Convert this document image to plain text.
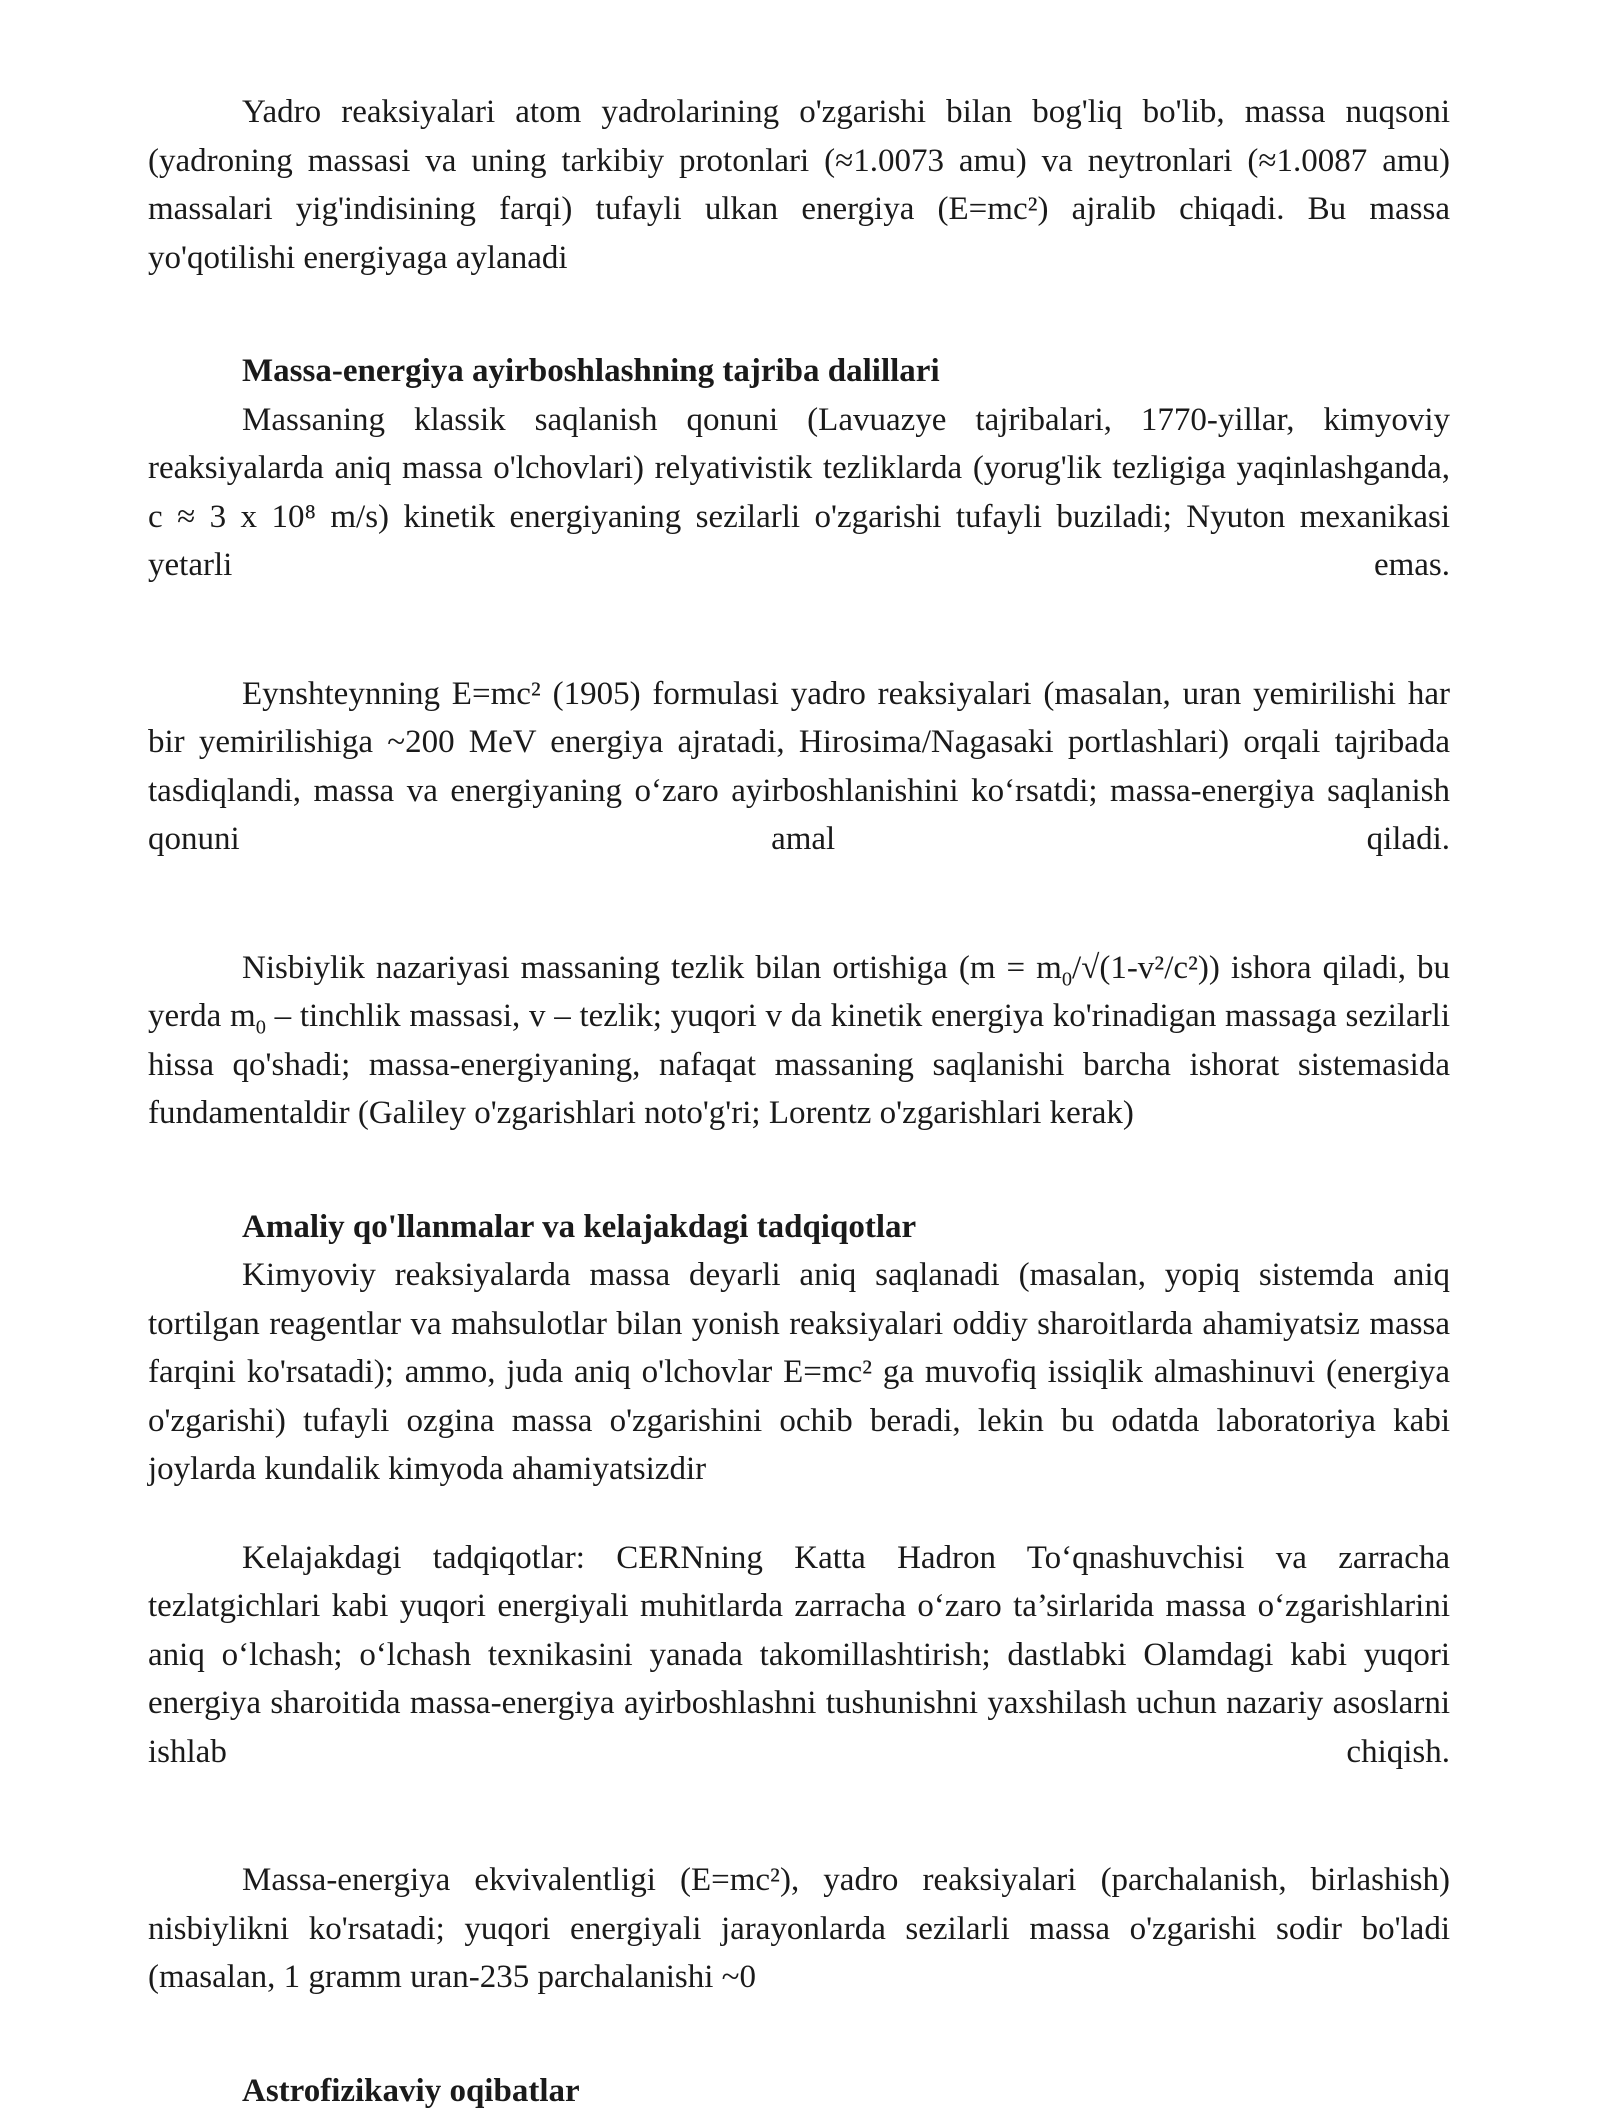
Yadro reaksiyalari atom yadrolarining o'zgarishi bilan bog'liq bo'lib, massa nuqsoni (yadroning massasi va uning tarkibiy protonlari (≈1.0073 amu) va neytronlari (≈1.0087 amu) massalari yig'indisining farqi) tufayli ulkan energiya (E=mc²) ajralib chiqadi. Bu massa yo'qotilishi energiyaga aylanadi

Massa-energiya ayirboshlashning tajriba dalillari

Massaning klassik saqlanish qonuni (Lavuazye tajribalari, 1770-yillar, kimyoviy reaksiyalarda aniq massa o'lchovlari) relyativistik tezliklarda (yorug'lik tezligiga yaqinlashganda, c ≈ 3 x 10⁸ m/s) kinetik energiyaning sezilarli o'zgarishi tufayli buziladi; Nyuton mexanikasi yetarli emas.

Eynshteynning E=mc² (1905) formulasi yadro reaksiyalari (masalan, uran yemirilishi har bir yemirilishiga ~200 MeV energiya ajratadi, Hirosima/Nagasaki portlashlari) orqali tajribada tasdiqlandi, massa va energiyaning o‘zaro ayirboshlanishini ko‘rsatdi; massa-energiya saqlanish qonuni amal qiladi.

Nisbiylik nazariyasi massaning tezlik bilan ortishiga $(m = m_0/√(1-v^2/c^2))$ ishora qiladi, bu yerda $m_0$ – tinchlik massasi, v – tezlik; yuqori v da kinetik energiya ko'rinadigan massaga sezilarli hissa qo'shadi; massa-energiyaning, nafaqat massaning saqlanishi barcha ishorat sistemasida fundamentaldir (Galiley o'zgarishlari noto'g'ri; Lorentz o'zgarishlari kerak)

Amaliy qo'llanmalar va kelajakdagi tadqiqotlar

Kimyoviy reaksiyalarda massa deyarli aniq saqlanadi (masalan, yopiq sistemda aniq tortilgan reagentlar va mahsulotlar bilan yonish reaksiyalari oddiy sharoitlarda ahamiyatsiz massa farqini ko'rsatadi); ammo, juda aniq o'lchovlar E=mc² ga muvofiq issiqlik almashinuvi (energiya o'zgarishi) tufayli ozgina massa o'zgarishini ochib beradi, lekin bu odatda laboratoriya kabi joylarda kundalik kimyoda ahamiyatsizdir

Kelajakdagi tadqiqotlar: CERNning Katta Hadron To‘qnashuvchisi va zarracha tezlatgichlari kabi yuqori energiyali muhitlarda zarracha o‘zaro ta’sirlarida massa o‘zgarishlarini aniq o‘lchash; o‘lchash texnikasini yanada takomillashtirish; dastlabki Olamdagi kabi yuqori energiya sharoitida massa-energiya ayirboshlashni tushunishni yaxshilash uchun nazariy asoslarni ishlab chiqish.

Massa-energiya ekvivalentligi (E=mc²), yadro reaksiyalari (parchalanish, birlashish) nisbiylikni ko'rsatadi; yuqori energiyali jarayonlarda sezilarli massa o'zgarishi sodir bo'ladi (masalan, 1 gramm uran-235 parchalanishi ~0

Astrofizikaviy oqibatlar
